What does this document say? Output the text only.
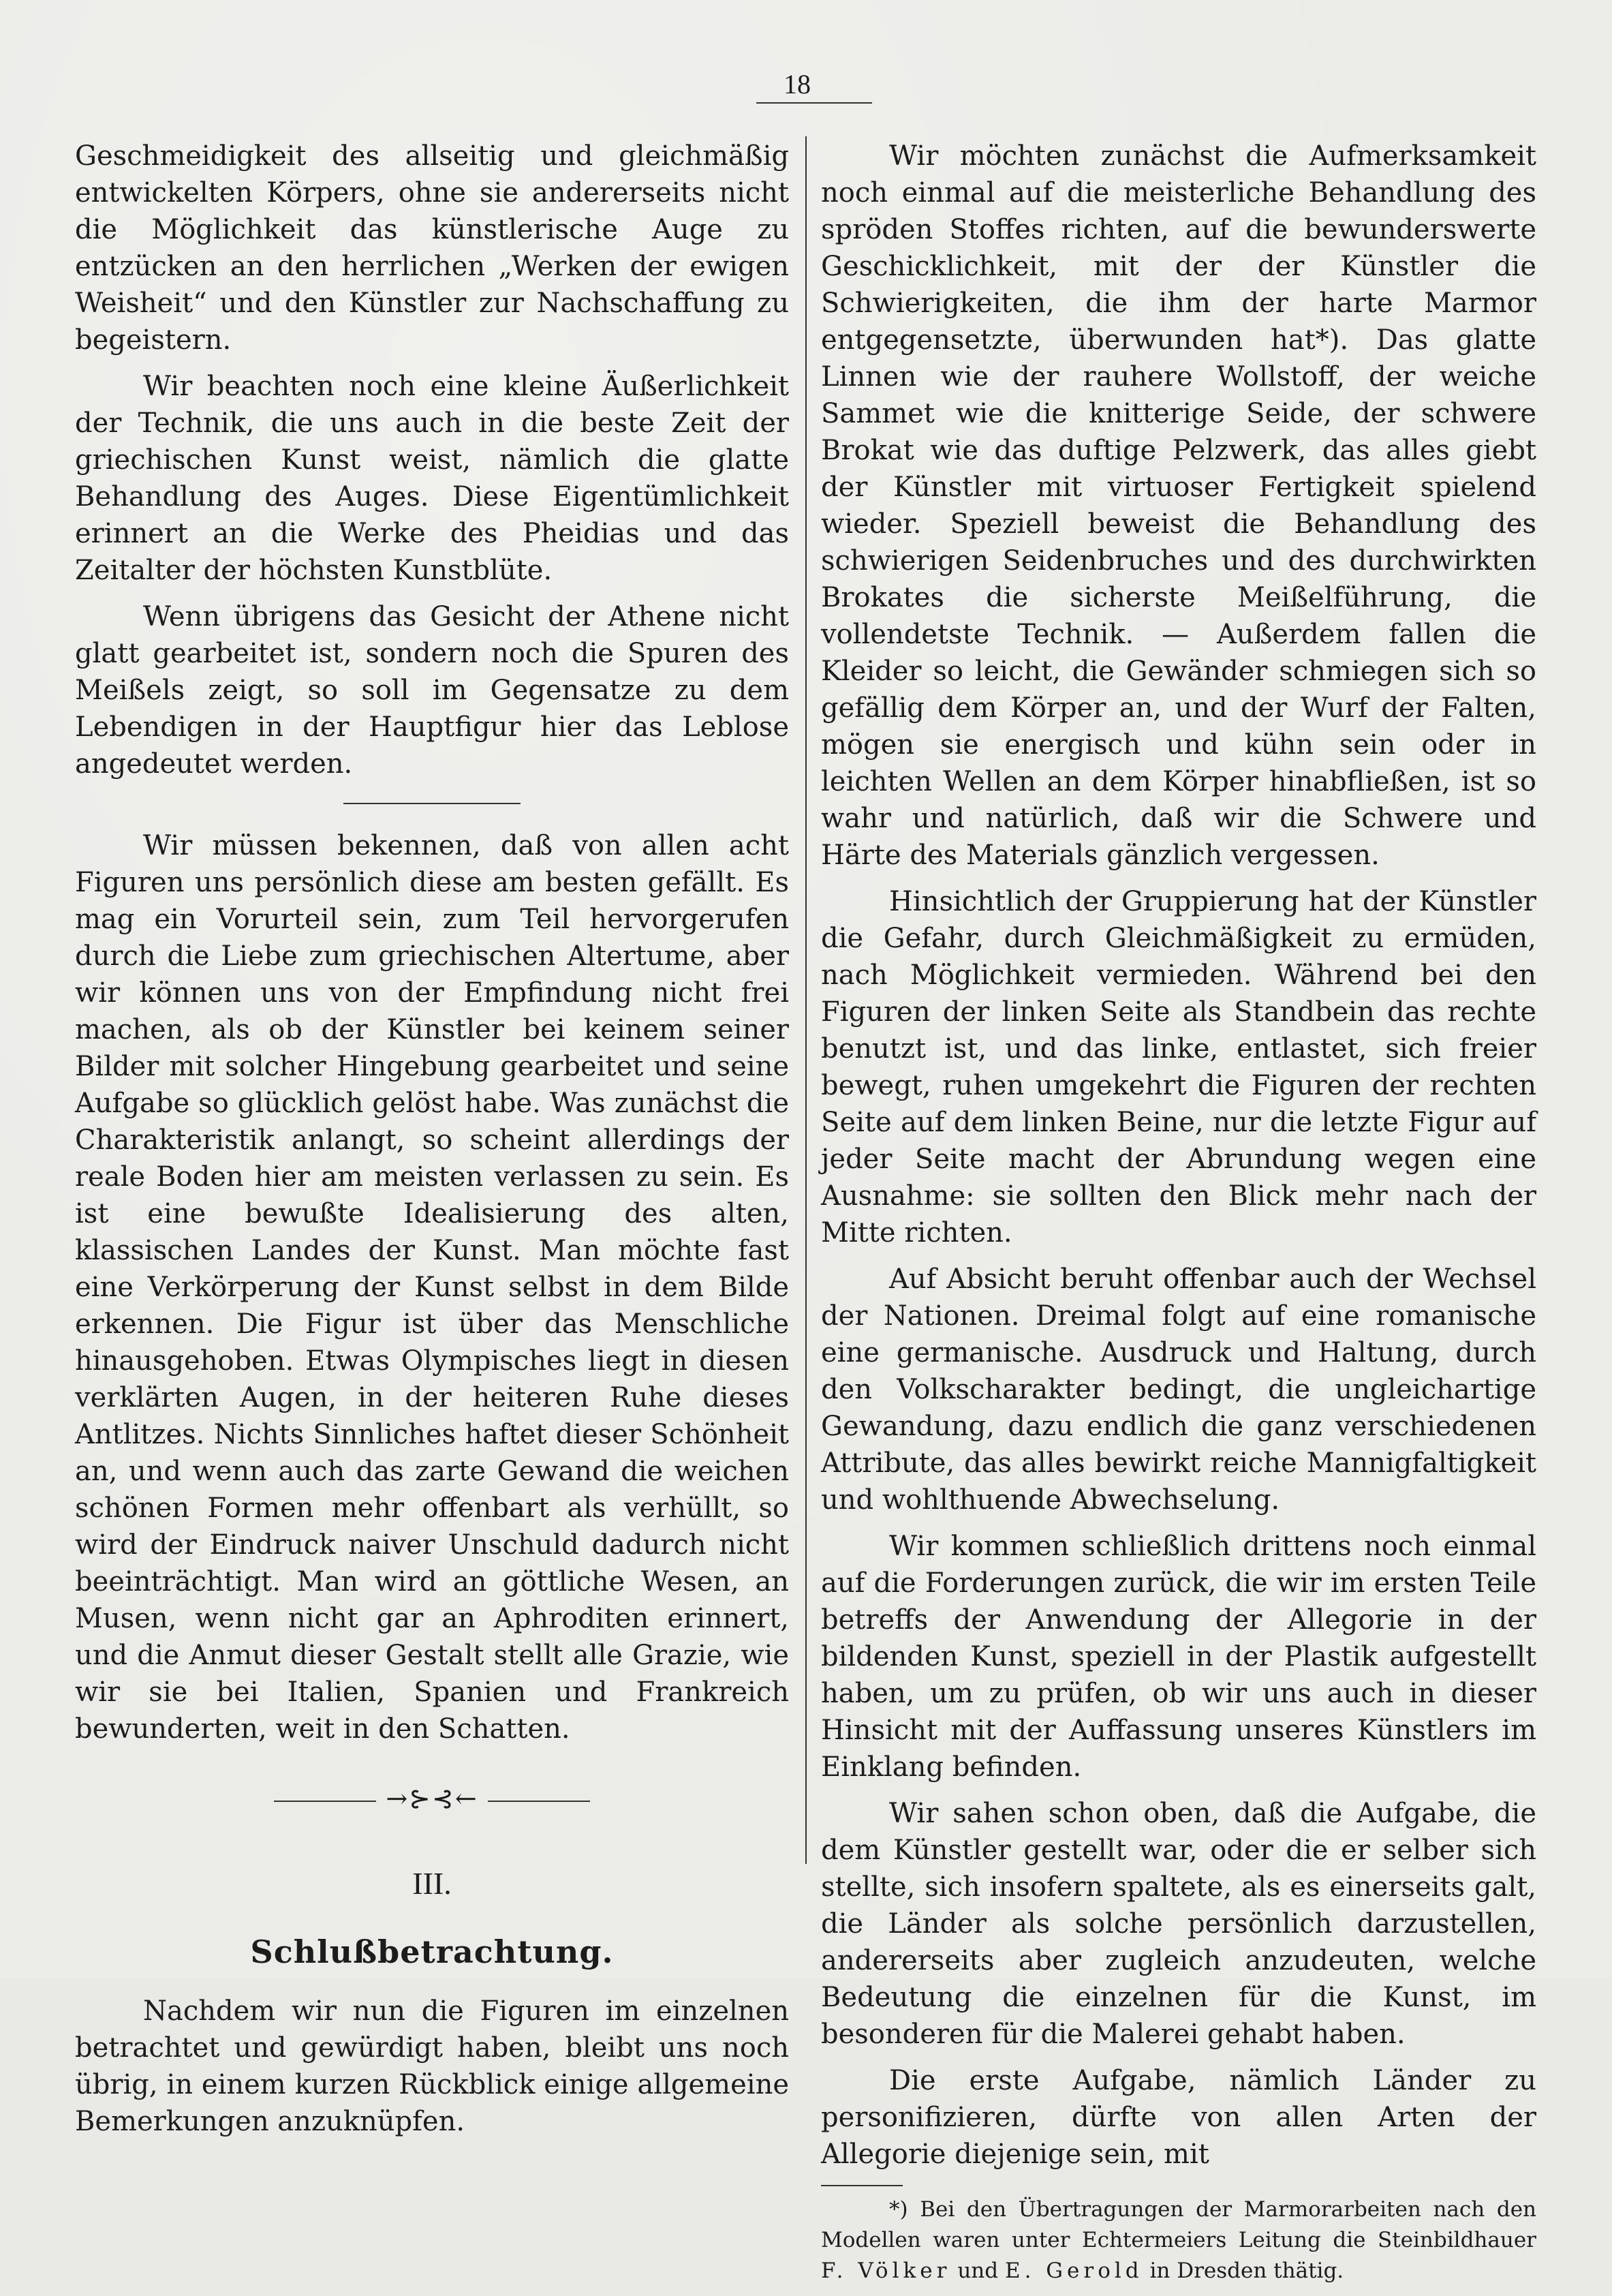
18

Geschmeidigkeit des allseitig und gleichmäßig entwickelten Körpers, ohne sie andererseits nicht die Möglichkeit das künstlerische Auge zu entzücken an den herrlichen „Werken der ewigen Weisheit“ und den Künstler zur Nachschaffung zu begeistern.

Wir beachten noch eine kleine Äußerlichkeit der Technik, die uns auch in die beste Zeit der griechischen Kunst weist, nämlich die glatte Behandlung des Auges. Diese Eigentümlichkeit erinnert an die Werke des Pheidias und das Zeitalter der höchsten Kunstblüte.

Wenn übrigens das Gesicht der Athene nicht glatt gearbeitet ist, sondern noch die Spuren des Meißels zeigt, so soll im Gegensatze zu dem Lebendigen in der Hauptfigur hier das Leblose angedeutet werden.

Wir müssen bekennen, daß von allen acht Figuren uns persönlich diese am besten gefällt. Es mag ein Vorurteil sein, zum Teil hervorgerufen durch die Liebe zum griechischen Altertume, aber wir können uns von der Empfindung nicht frei machen, als ob der Künstler bei keinem seiner Bilder mit solcher Hingebung gearbeitet und seine Aufgabe so glücklich gelöst habe. Was zunächst die Charakteristik anlangt, so scheint allerdings der reale Boden hier am meisten verlassen zu sein. Es ist eine bewußte Idealisierung des alten, klassischen Landes der Kunst. Man möchte fast eine Verkörperung der Kunst selbst in dem Bilde erkennen. Die Figur ist über das Menschliche hinausgehoben. Etwas Olympisches liegt in diesen verklärten Augen, in der heiteren Ruhe dieses Antlitzes. Nichts Sinnliches haftet dieser Schönheit an, und wenn auch das zarte Gewand die weichen schönen Formen mehr offenbart als verhüllt, so wird der Eindruck naiver Unschuld dadurch nicht beeinträchtigt. Man wird an göttliche Wesen, an Musen, wenn nicht gar an Aphroditen erinnert, und die Anmut dieser Gestalt stellt alle Grazie, wie wir sie bei Italien, Spanien und Frankreich bewunderten, weit in den Schatten.

→⊱⊰←
III.
Schlußbetrachtung.

Nachdem wir nun die Figuren im einzelnen betrachtet und gewürdigt haben, bleibt uns noch übrig, in einem kurzen Rückblick einige allgemeine Bemerkungen anzuknüpfen.

Wir möchten zunächst die Aufmerksamkeit noch einmal auf die meisterliche Behandlung des spröden Stoffes richten, auf die bewunderswerte Geschicklichkeit, mit der der Künstler die Schwierigkeiten, die ihm der harte Marmor entgegensetzte, überwunden hat*). Das glatte Linnen wie der rauhere Wollstoff, der weiche Sammet wie die knitterige Seide, der schwere Brokat wie das duftige Pelzwerk, das alles giebt der Künstler mit virtuoser Fertigkeit spielend wieder. Speziell beweist die Behandlung des schwierigen Seidenbruches und des durchwirkten Brokates die sicherste Meißelführung, die vollendetste Technik. — Außerdem fallen die Kleider so leicht, die Gewänder schmiegen sich so gefällig dem Körper an, und der Wurf der Falten, mögen sie energisch und kühn sein oder in leichten Wellen an dem Körper hinabfließen, ist so wahr und natürlich, daß wir die Schwere und Härte des Materials gänzlich vergessen.

Hinsichtlich der Gruppierung hat der Künstler die Gefahr, durch Gleichmäßigkeit zu ermüden, nach Möglichkeit vermieden. Während bei den Figuren der linken Seite als Standbein das rechte benutzt ist, und das linke, entlastet, sich freier bewegt, ruhen umgekehrt die Figuren der rechten Seite auf dem linken Beine, nur die letzte Figur auf jeder Seite macht der Abrundung wegen eine Ausnahme: sie sollten den Blick mehr nach der Mitte richten.

Auf Absicht beruht offenbar auch der Wechsel der Nationen. Dreimal folgt auf eine romanische eine germanische. Ausdruck und Haltung, durch den Volkscharakter bedingt, die ungleichartige Gewandung, dazu endlich die ganz verschiedenen Attribute, das alles bewirkt reiche Mannigfaltigkeit und wohlthuende Abwechselung.

Wir kommen schließlich drittens noch einmal auf die Forderungen zurück, die wir im ersten Teile betreffs der Anwendung der Allegorie in der bildenden Kunst, speziell in der Plastik aufgestellt haben, um zu prüfen, ob wir uns auch in dieser Hinsicht mit der Auffassung unseres Künstlers im Einklang befinden.

Wir sahen schon oben, daß die Aufgabe, die dem Künstler gestellt war, oder die er selber sich stellte, sich insofern spaltete, als es einerseits galt, die Länder als solche persönlich darzustellen, andererseits aber zugleich anzudeuten, welche Bedeutung die einzelnen für die Kunst, im besonderen für die Malerei gehabt haben.

Die erste Aufgabe, nämlich Länder zu personifizieren, dürfte von allen Arten der Allegorie diejenige sein, mit

*) Bei den Übertragungen der Marmorarbeiten nach den Modellen waren unter Echtermeiers Leitung die Steinbildhauer F. Völker und E. Gerold in Dresden thätig.
